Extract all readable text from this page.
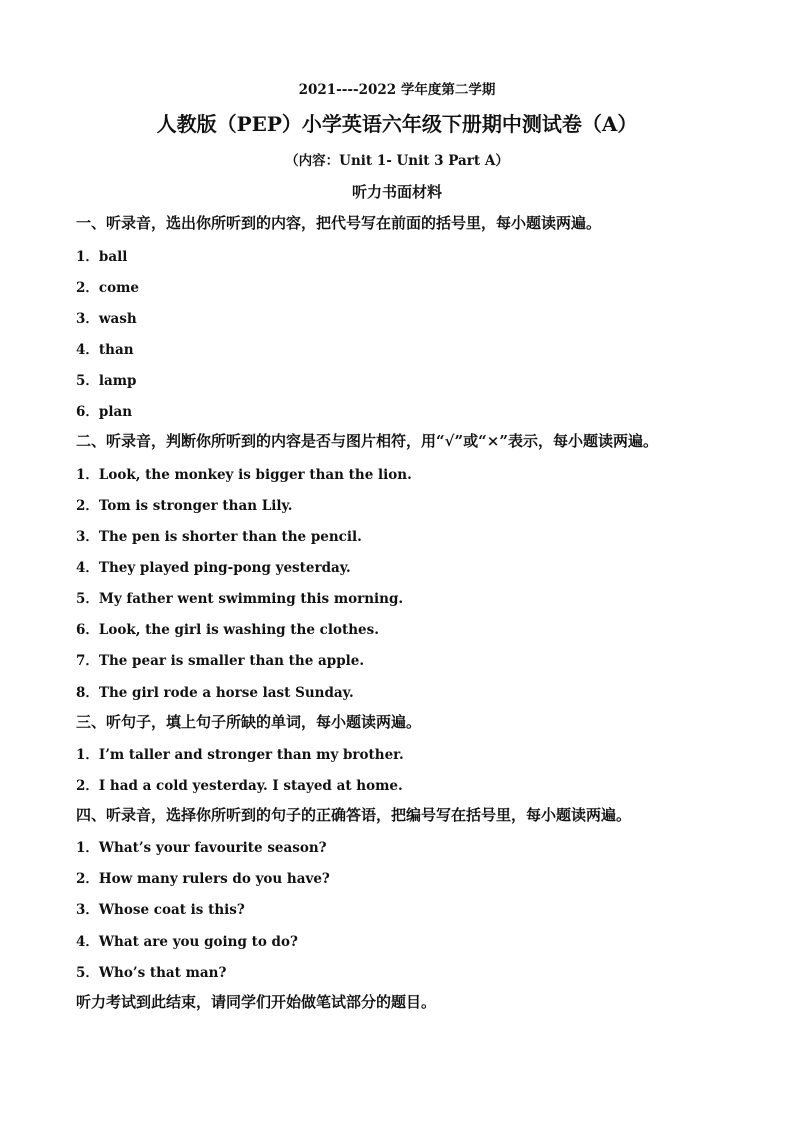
2021----2022 学年度第二学期
人教版（PEP）小学英语六年级下册期中测试卷（A）
（内容：Unit 1- Unit 3 Part A）
听力书面材料
一、听录音，选出你所听到的内容，把代号写在前面的括号里，每小题读两遍。
1．ball
2．come
3．wash
4．than
5．lamp
6．plan
二、听录音，判断你所听到的内容是否与图片相符，用“√”或“×”表示，每小题读两遍。
1．Look, the monkey is bigger than the lion.
2．Tom is stronger than Lily.
3．The pen is shorter than the pencil.
4．They played ping-pong yesterday.
5．My father went swimming this morning.
6．Look, the girl is washing the clothes.
7．The pear is smaller than the apple.
8．The girl rode a horse last Sunday.
三、听句子，填上句子所缺的单词，每小题读两遍。
1．I’m taller and stronger than my brother.
2．I had a cold yesterday. I stayed at home.
四、听录音，选择你所听到的句子的正确答语，把编号写在括号里，每小题读两遍。
1．What’s your favourite season?
2．How many rulers do you have?
3．Whose coat is this?
4．What are you going to do?
5．Who’s that man?
听力考试到此结束，请同学们开始做笔试部分的题目。
